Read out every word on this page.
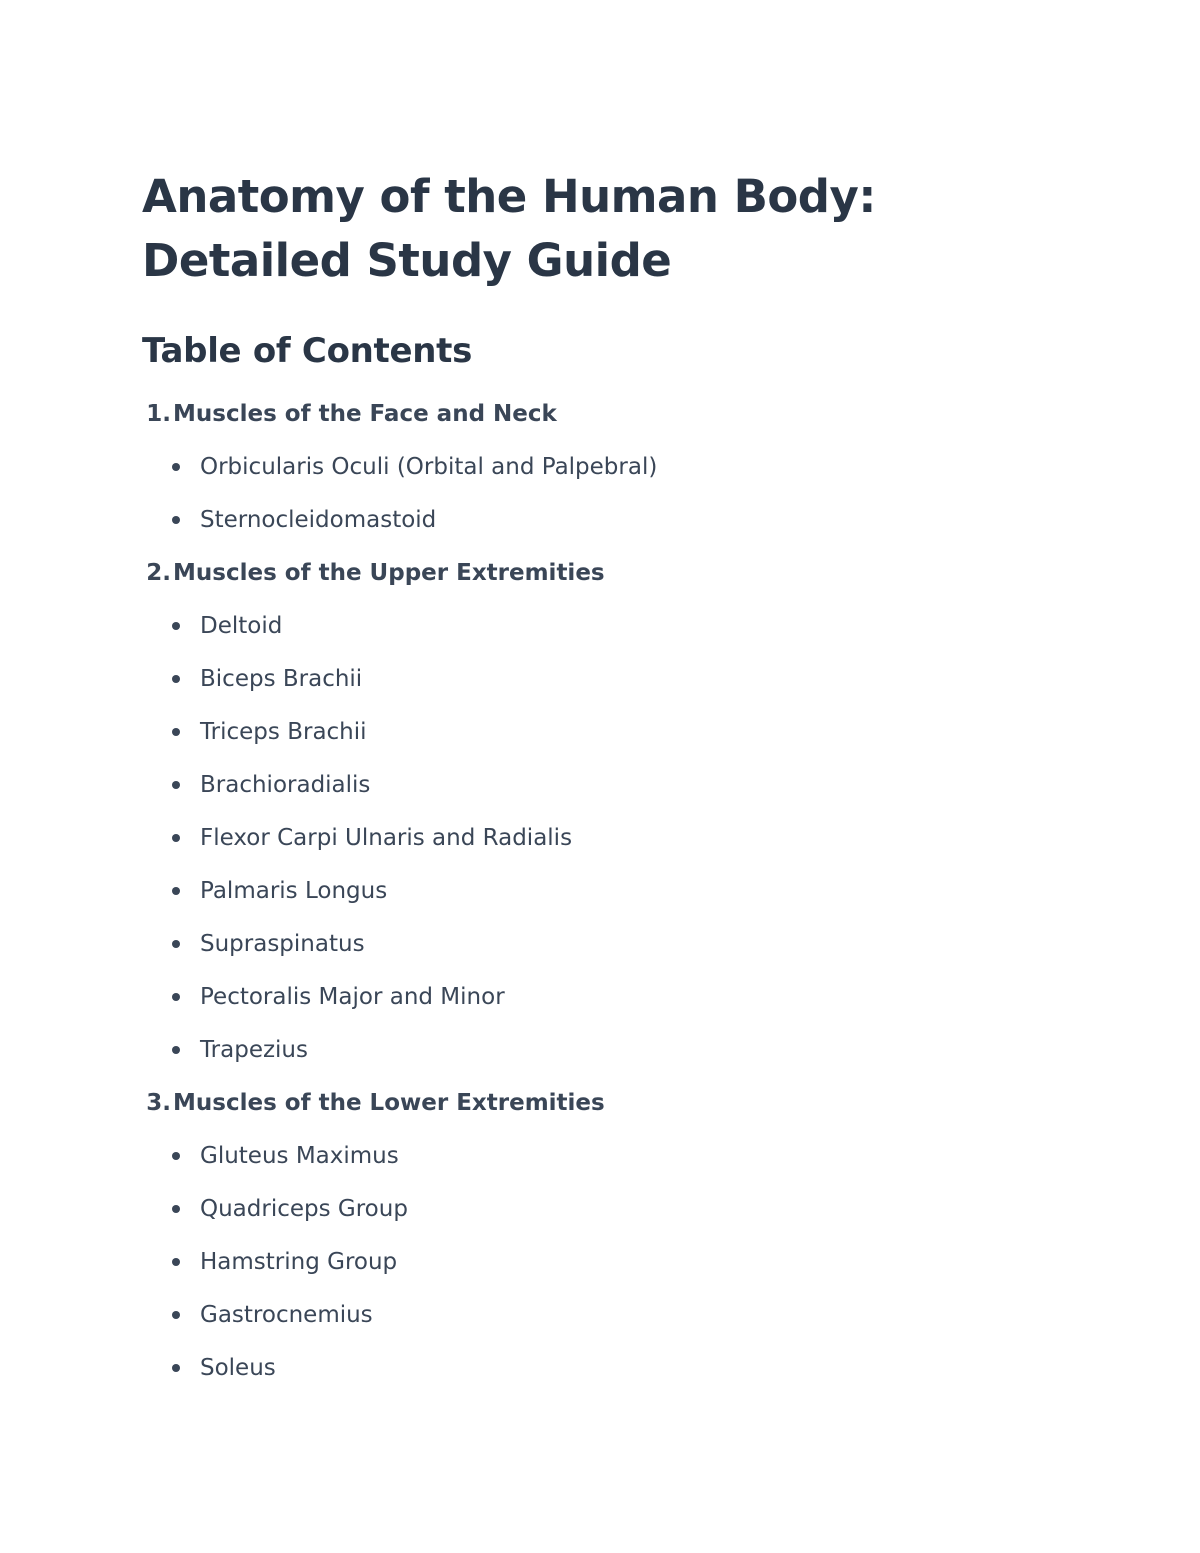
Anatomy of the Human Body: Detailed Study Guide
Table of Contents
1. Muscles of the Face and Neck
Orbicularis Oculi (Orbital and Palpebral)
Sternocleidomastoid
2. Muscles of the Upper Extremities
Deltoid
Biceps Brachii
Triceps Brachii
Brachioradialis
Flexor Carpi Ulnaris and Radialis
Palmaris Longus
Supraspinatus
Pectoralis Major and Minor
Trapezius
3. Muscles of the Lower Extremities
Gluteus Maximus
Quadriceps Group
Hamstring Group
Gastrocnemius
Soleus
